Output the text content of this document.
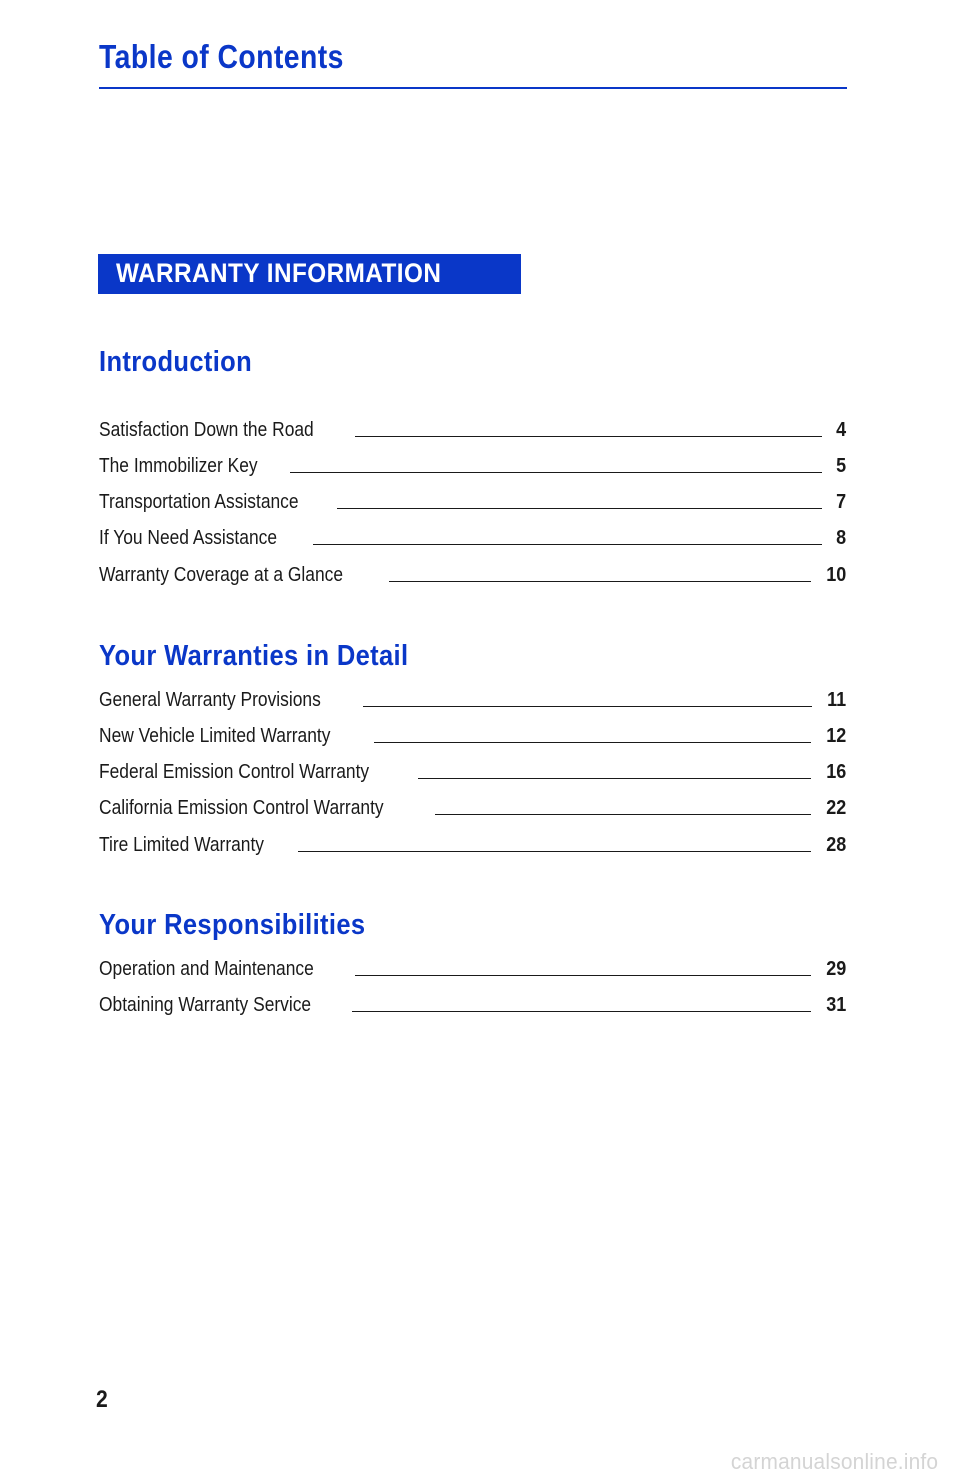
Table of Contents
WARRANTY INFORMATION
Introduction
Satisfaction Down the Road	4
The Immobilizer Key	5
Transportation Assistance	7
If You Need Assistance	8
Warranty Coverage at a Glance	10
Your Warranties in Detail
General Warranty Provisions	11
New Vehicle Limited Warranty	12
Federal Emission Control Warranty	16
California Emission Control Warranty	22
Tire Limited Warranty	28
Your Responsibilities
Operation and Maintenance	29
Obtaining Warranty Service	31
2
carmanualsonline.info
